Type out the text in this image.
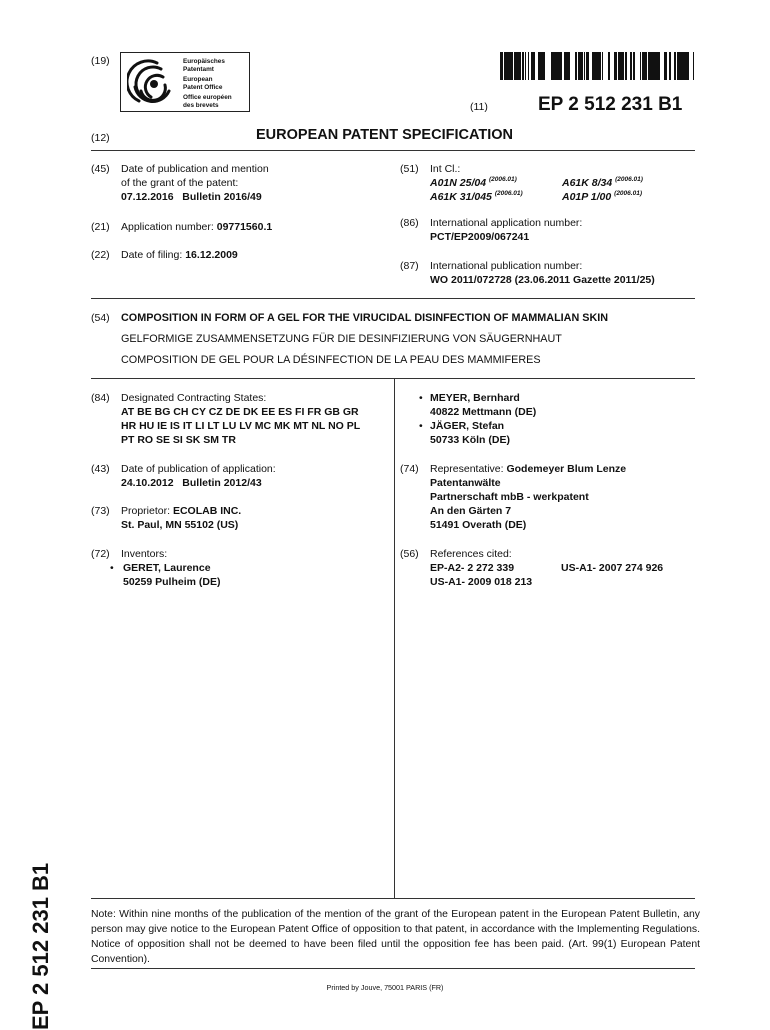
(19)	Europäisches
Patentamt
European
Patent Office
Office européen
des brevets	(11)	EP 2 512 231 B1
(12)	EUROPEAN PATENT SPECIFICATION
(45) Date of publication and mention
of the grant of the patent:
07.12.2016   Bulletin 2016/49
(51) Int Cl.:
A01N 25/04 $^{(2006.01)}$	A61K 8/34 $^{(2006.01)}$
A61K 31/045 $^{(2006.01)}$	A01P 1/00 $^{(2006.01)}$
(21) Application number: 09771560.1	(86) International application number:
PCT/EP2009/067241
(22) Date of filing: 16.12.2009
(87) International publication number:
WO 2011/072728 (23.06.2011 Gazette 2011/25)
(54) COMPOSITION IN FORM OF A GEL FOR THE VIRUCIDAL DISINFECTION OF MAMMALIAN SKIN
GELFORMIGE ZUSAMMENSETZUNG FÜR DIE DESINFIZIERUNG VON SÄUGERNHAUT
COMPOSITION DE GEL POUR LA DÉSINFECTION DE LA PEAU DES MAMMIFERES
(84) Designated Contracting States:
AT BE BG CH CY CZ DE DK EE ES FI FR GB GR
HR HU IE IS IT LI LT LU LV MC MK MT NL NO PL
PT RO SE SI SK SM TR
(43) Date of publication of application:
24.10.2012   Bulletin 2012/43
(73) Proprietor: ECOLAB INC.
St. Paul, MN 55102 (US)
(72) Inventors:
• GERET, Laurence
50259 Pulheim (DE)
• MEYER, Bernhard
40822 Mettmann (DE)
• JÄGER, Stefan
50733 Köln (DE)
(74) Representative: Godemeyer Blum Lenze
Patentanwälte
Partnerschaft mbB - werkpatent
An den Gärten 7
51491 Overath (DE)
(56) References cited:
EP-A2- 2 272 339	US-A1- 2007 274 926
US-A1- 2009 018 213
EP 2 512 231 B1	Note: Within nine months of the publication of the mention of the grant of the European patent in the European Patent Bulletin, any person may give notice to the European Patent Office of opposition to that patent, in accordance with the Implementing Regulations. Notice of opposition shall not be deemed to have been filed until the opposition fee has been paid. (Art. 99(1) European Patent Convention).
Printed by Jouve, 75001 PARIS (FR)
